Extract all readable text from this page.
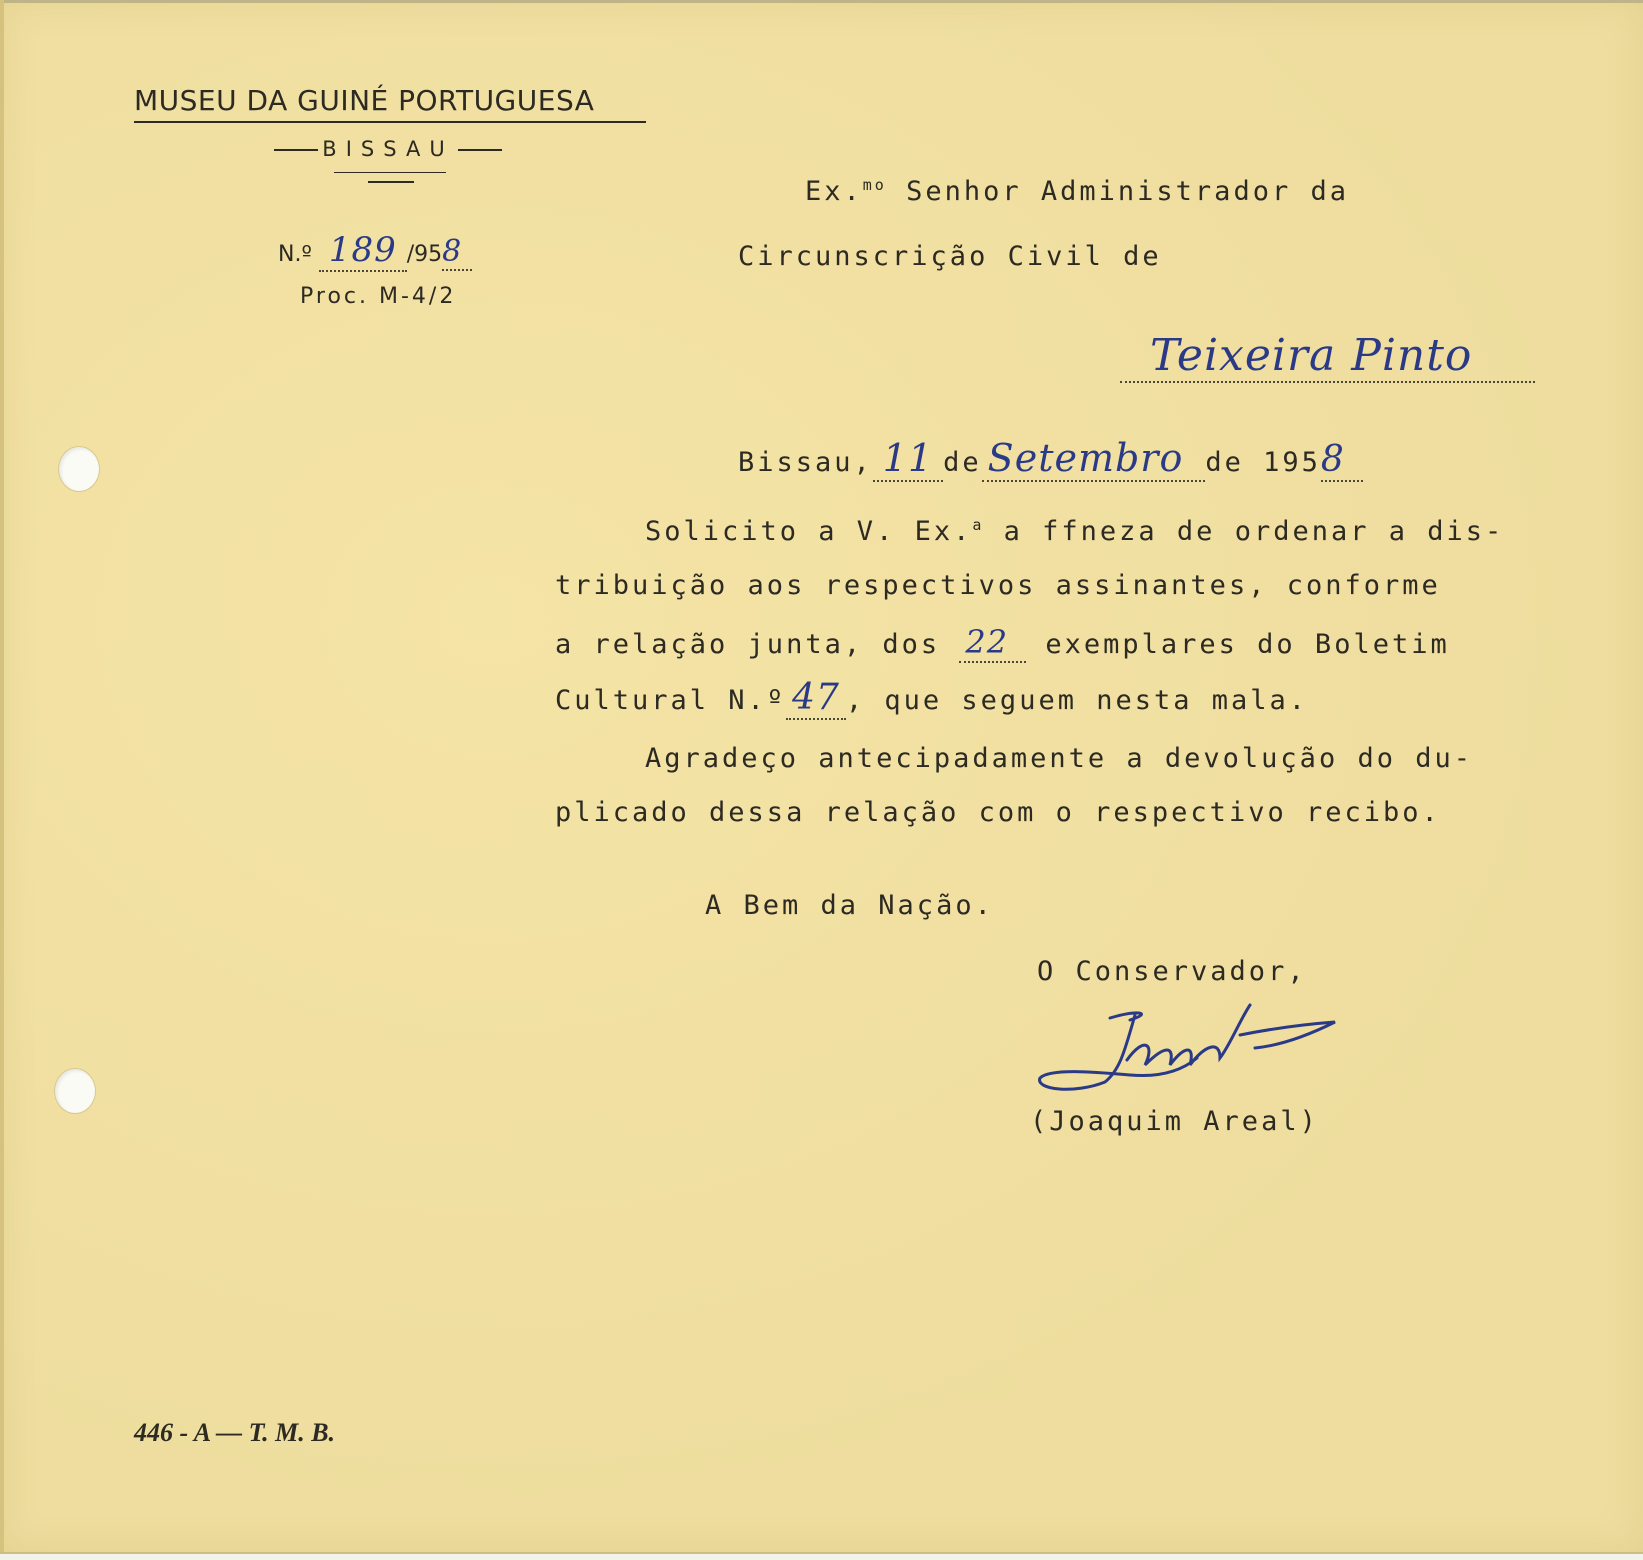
MUSEU DA GUINÉ PORTUGUESA
BISSAU
N.º 189 /958
Proc. M-4/2
Ex.$^{mo}$ Senhor Administrador da
Circunscrição Civil de
Teixeira Pinto
Bissau, 11 de Setembro de 1958
Solicito a V. Ex.$^a$ a ffneza de ordenar a dis-
tribuição aos respectivos assinantes, conforme
a relação junta, dos 22 exemplares do Boletim
Cultural N.º 47 , que seguem nesta mala.
Agradeço antecipadamente a devolução do du-
plicado dessa relação com o respectivo recibo.
A Bem da Nação.
O Conservador,
(Joaquim Areal)
446 - A — T. M. B.
